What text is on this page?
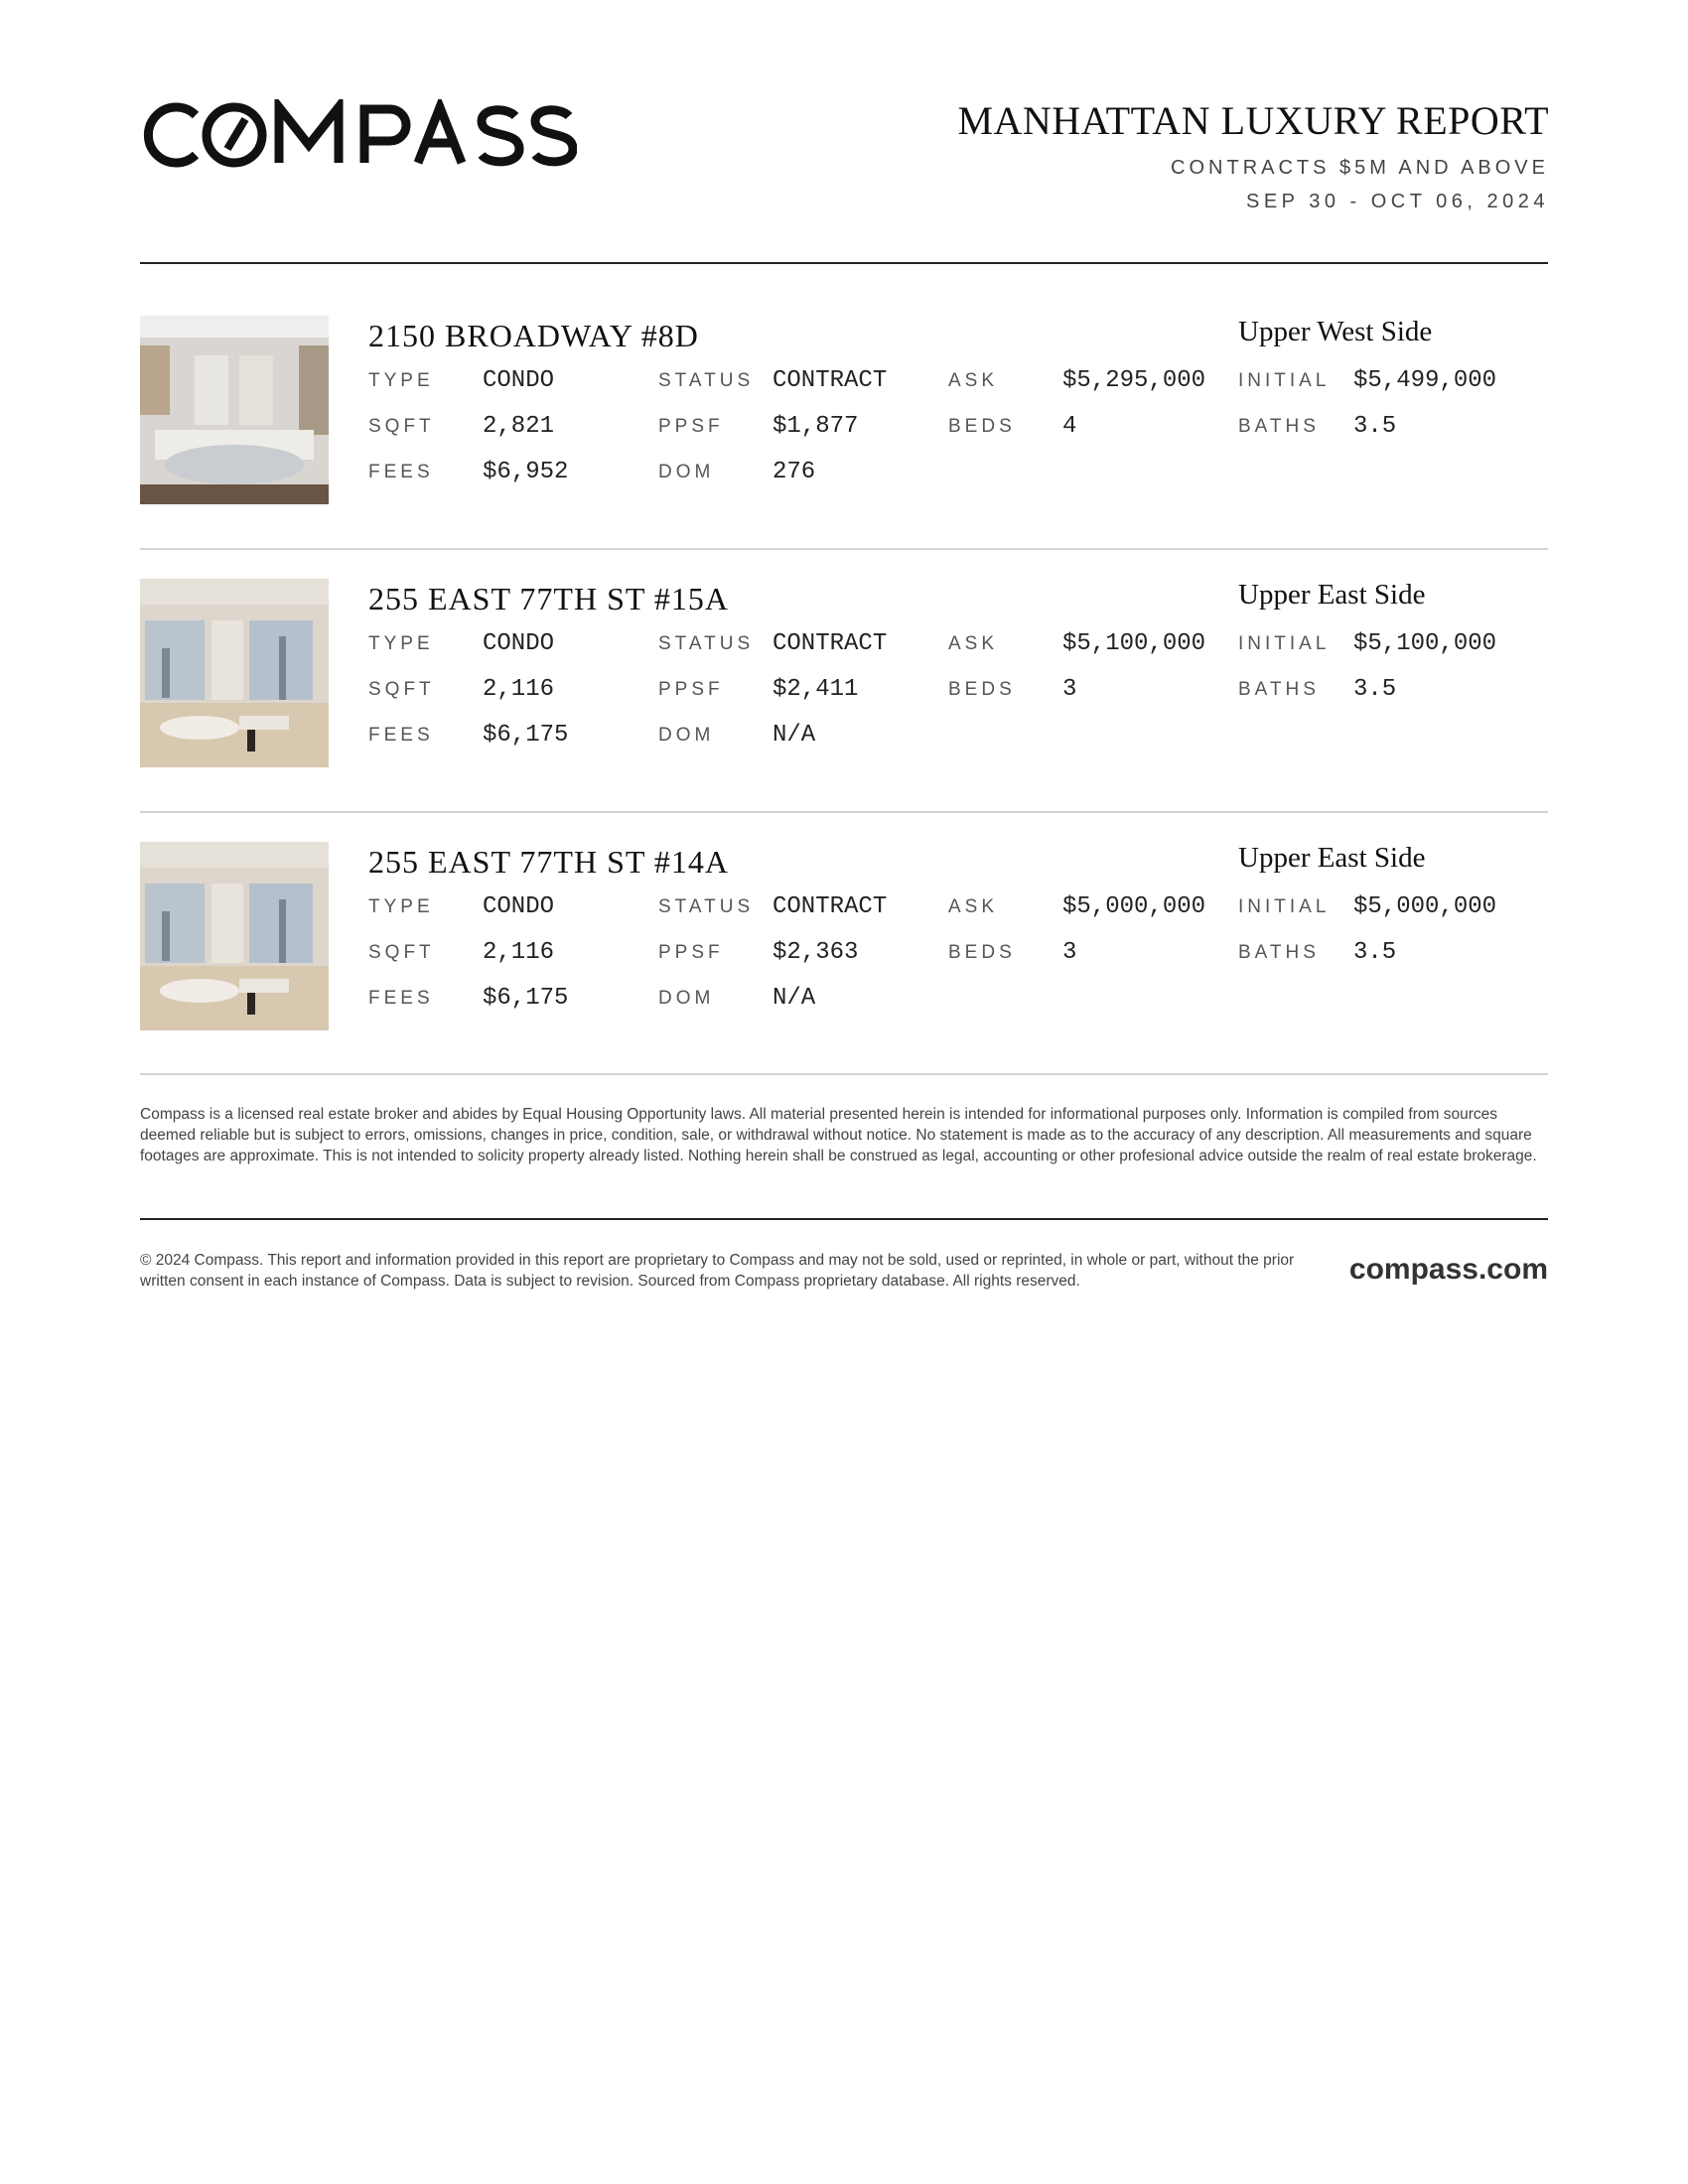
MANHATTAN LUXURY REPORT
CONTRACTS $5M AND ABOVE
SEP 30 - OCT 06, 2024
2150 BROADWAY #8D	Upper West Side
TYPE CONDO	STATUS CONTRACT	ASK	$5,295,000 INITIAL $5,499,000
SQFT 2,821	PPSF $1,877	BEDS 4	BATHS 3.5
FEES $6,952	DOM 276
255 EAST 77TH ST #15A	Upper East Side
TYPE CONDO	STATUS CONTRACT	ASK	$5,100,000 INITIAL $5,100,000
SQFT 2,116	PPSF $2,411	BEDS 3	BATHS 3.5
FEES $6,175	DOM N/A
255 EAST 77TH ST #14A	Upper East Side
TYPE CONDO	STATUS CONTRACT	ASK	$5,000,000 INITIAL $5,000,000
SQFT 2,116	PPSF $2,363	BEDS 3	BATHS 3.5
FEES $6,175	DOM N/A
Compass is a licensed real estate broker and abides by Equal Housing Opportunity laws. All material presented herein is intended for informational purposes only. Information is compiled from sources deemed reliable but is subject to errors, omissions, changes in price, condition, sale, or withdrawal without notice. No statement is made as to the accuracy of any description. All measurements and square footages are approximate. This is not intended to solicity property already listed. Nothing herein shall be construed as legal, accounting or other profesional advice outside the realm of real estate brokerage.
© 2024 Compass. This report and information provided in this report are proprietary to Compass and may not be sold, used or reprinted, in whole or part, without the prior written consent in each instance of Compass. Data is subject to revision. Sourced from Compass proprietary database. All rights reserved.	compass.com
